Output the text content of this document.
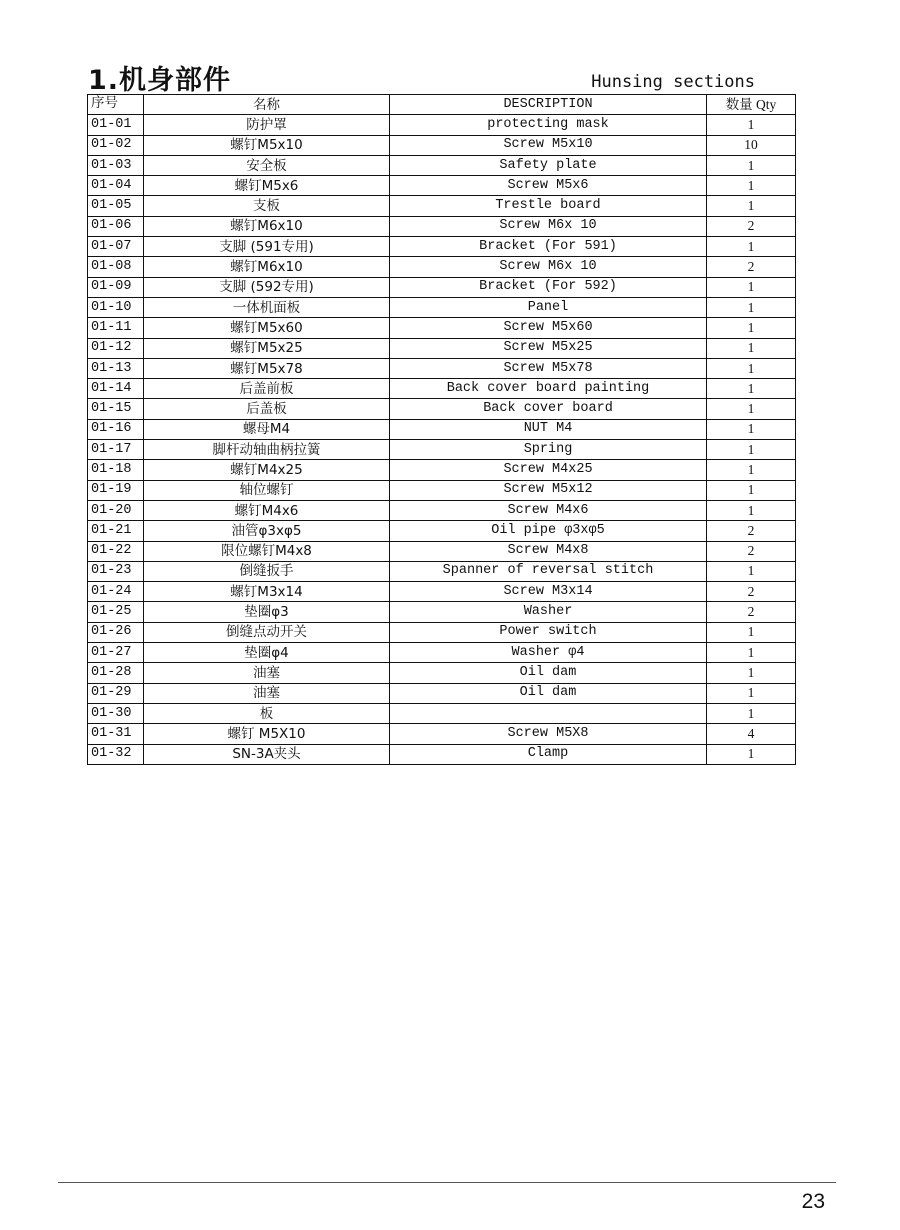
1.机身部件	Hunsing sections
序号	名称	DESCRIPTION	数量 Qty
01-01	防护罩	protecting mask	1
01-02	螺钉M5x10	Screw M5x10	10
01-03	安全板	Safety plate	1
01-04	螺钉M5x6	Screw M5x6	1
01-05	支板	Trestle board	1
01-06	螺钉M6x10	Screw M6x 10	2
01-07	支脚 (591专用)	Bracket (For 591)	1
01-08	螺钉M6x10	Screw M6x 10	2
01-09	支脚 (592专用)	Bracket (For 592)	1
01-10	一体机面板	Panel	1
01-11	螺钉M5x60	Screw M5x60	1
01-12	螺钉M5x25	Screw M5x25	1
01-13	螺钉M5x78	Screw M5x78	1
01-14	后盖前板	Back cover board painting	1
01-15	后盖板	Back cover board	1
01-16	螺母M4	NUT M4	1
01-17	脚杆动轴曲柄拉簧	Spring	1
01-18	螺钉M4x25	Screw M4x25	1
01-19	轴位螺钉	Screw M5x12	1
01-20	螺钉M4x6	Screw M4x6	1
01-21	油管φ3xφ5	Oil pipe φ3xφ5	2
01-22	限位螺钉M4x8	Screw M4x8	2
01-23	倒缝扳手	Spanner of reversal stitch	1
01-24	螺钉M3x14	Screw M3x14	2
01-25	垫圈φ3	Washer	2
01-26	倒缝点动开关	Power switch	1
01-27	垫圈φ4	Washer φ4	1
01-28	油塞	Oil dam	1
01-29	油塞	Oil dam	1
01-30	板		1
01-31	螺钉 M5X10	Screw M5X8	4
01-32	SN-3A夹头	Clamp	1
23
